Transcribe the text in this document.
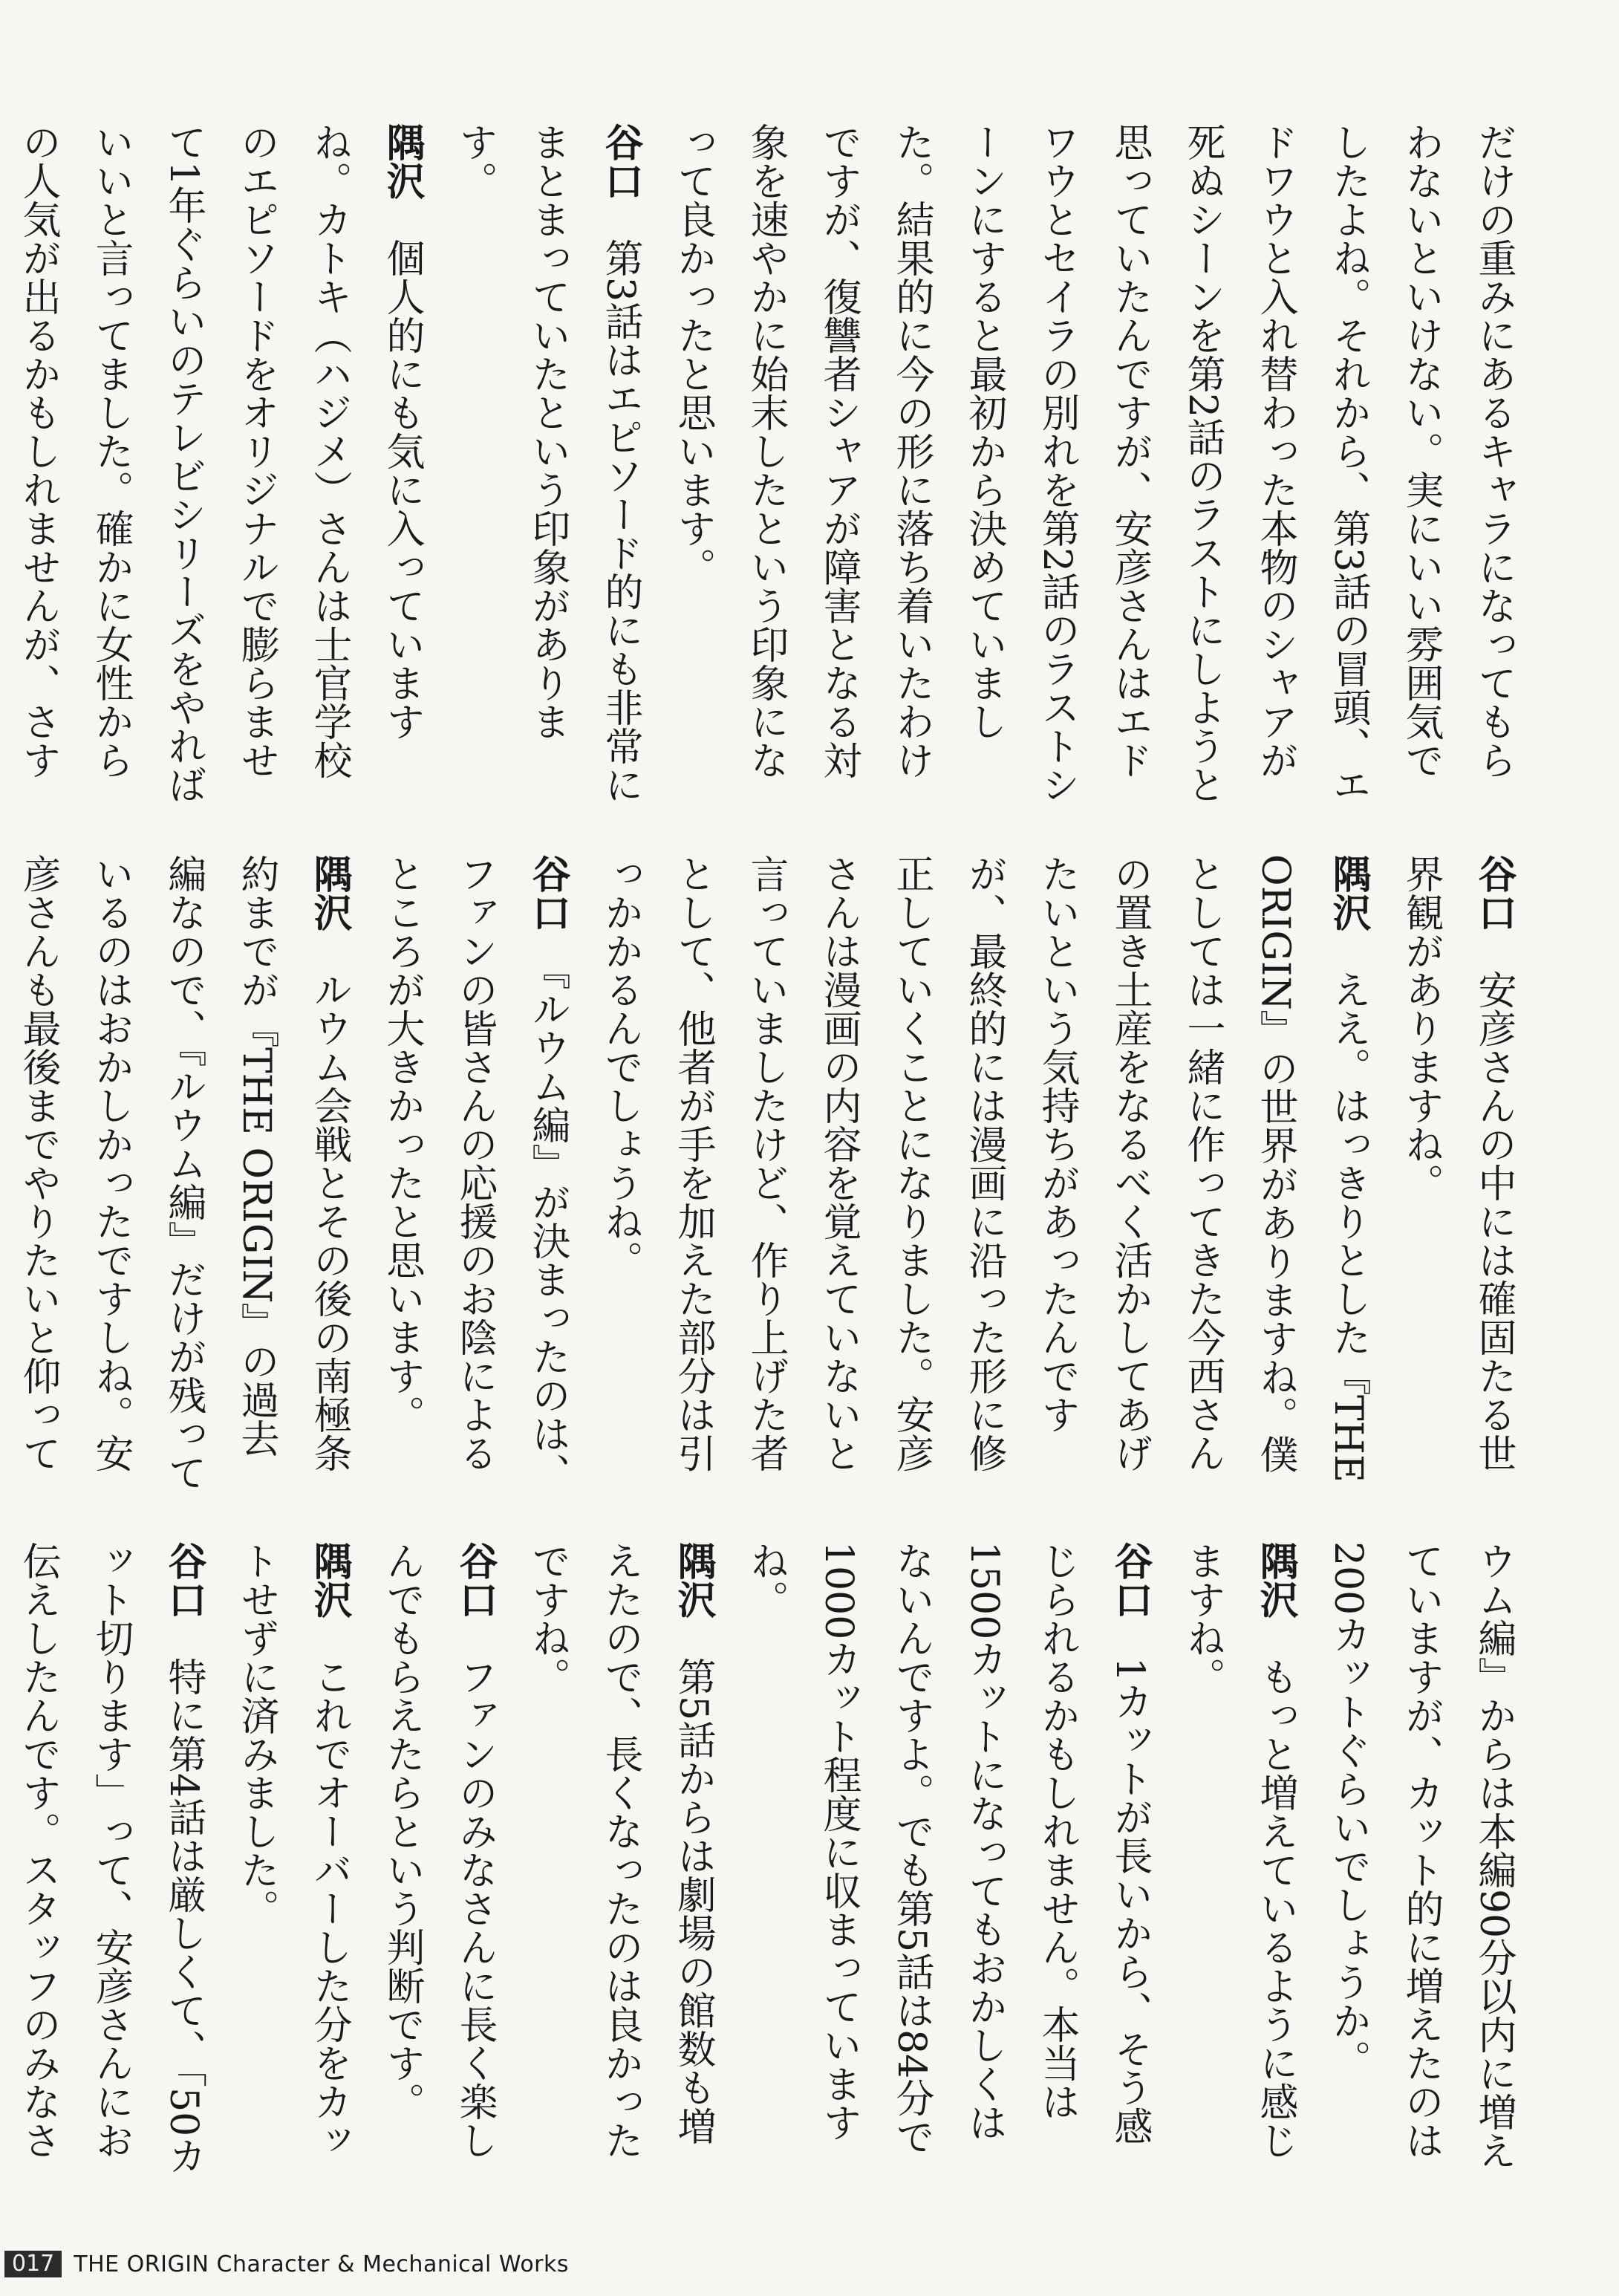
だけの重みにあるキャラになってもらわないといけない。実にいい雰囲気でしたよね。それから、第3話の冒頭、エドワウと入れ替わった本物のシャアが死ぬシーンを第2話のラストにしようと思っていたんですが、安彦さんはエドワウとセイラの別れを第2話のラストシーンにすると最初から決めていました。結果的に今の形に落ち着いたわけですが、復讐者シャアが障害となる対象を速やかに始末したという印象になって良かったと思います。
谷口　第3話はエピソード的にも非常にまとまっていたという印象があります。
隅沢　個人的にも気に入っていますね。カトキ（ハジメ）さんは士官学校のエピソードをオリジナルで膨らませて1年ぐらいのテレビシリーズをやればいいと言ってました。確かに女性からの人気が出るかもしれませんが、さす

谷口　安彦さんの中には確固たる世界観がありますね。
隅沢　ええ。はっきりとした『THE ORIGIN』の世界がありますね。僕としては一緒に作ってきた今西さんの置き土産をなるべく活かしてあげたいという気持ちがあったんですが、最終的には漫画に沿った形に修正していくことになりました。安彦さんは漫画の内容を覚えていないと言っていましたけど、作り上げた者として、他者が手を加えた部分は引っかかるんでしょうね。
谷口　『ルウム編』が決まったのは、ファンの皆さんの応援のお陰によるところが大きかったと思います。
隅沢　ルウム会戦とその後の南極条約までが『THE ORIGIN』の過去編なので、『ルウム編』だけが残っているのはおかしかったですしね。安彦さんも最後までやりたいと仰って

ウム編』からは本編90分以内に増えていますが、カット的に増えたのは200カットぐらいでしょうか。
隅沢　もっと増えているように感じますね。
谷口　1カットが長いから、そう感じられるかもしれません。本当は1500カットになってもおかしくはないんですよ。でも第5話は84分で1000カット程度に収まっていますね。
隅沢　第5話からは劇場の館数も増えたので、長くなったのは良かったですね。
谷口　ファンのみなさんに長く楽しんでもらえたらという判断です。
隅沢　これでオーバーした分をカットせずに済みました。
谷口　特に第4話は厳しくて、「50カット切ります」って、安彦さんにお伝えしたんです。スタッフのみなさ

017 THE ORIGIN Character & Mechanical Works
